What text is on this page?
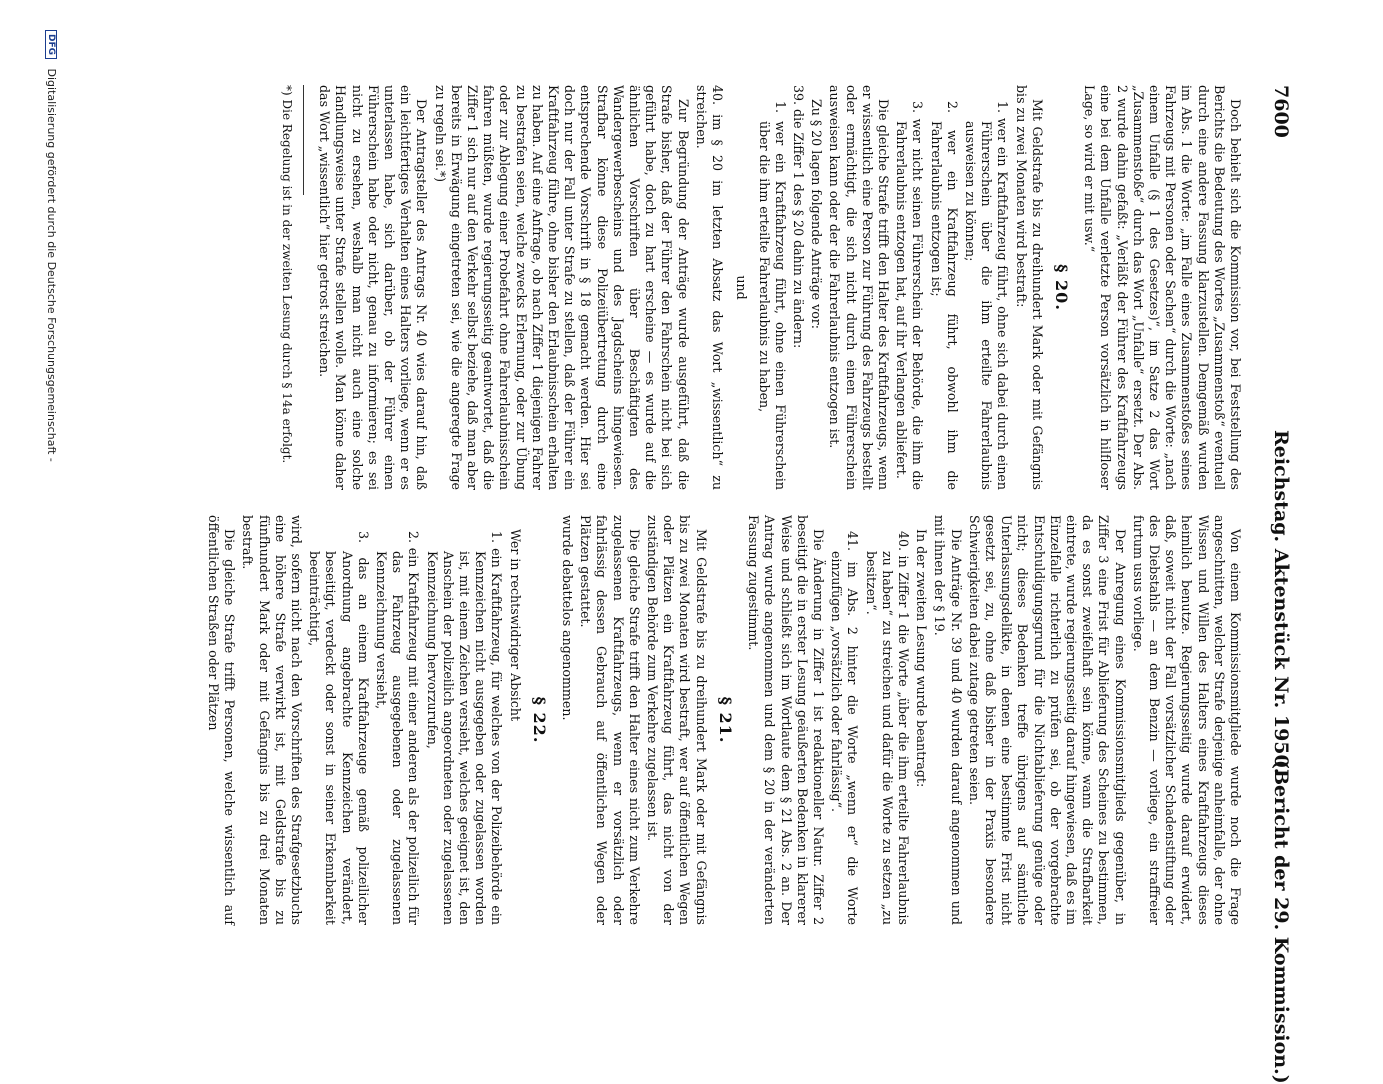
7600
Reichstag. Aktenstück Nr. 1950.
(Bericht der 29. Kommission.)

Doch behielt sich die Kommission vor, bei Feststellung des Berichts die Bedeutung des Wortes „Zusammenstoß“ eventuell durch eine andere Fassung klarzustellen. Demgemäß wurden im Abs. 1 die Worte: „im Falle eines Zusammenstoßes seines Fahrzeugs mit Personen oder Sachen“ durch die Worte: „nach einem Unfalle (§ 1 des Gesetzes)“, im Satze 2 das Wort „Zusammenstoße“ durch das Wort „Unfalle“ ersetzt. Der Abs. 2 wurde dahin gefaßt: „Verläßt der Führer des Kraftfahrzeugs eine bei dem Unfalle verletzte Person vorsätzlich in hilfloser Lage, so wird er mit usw.“

§ 20.

Mit Geldstrafe bis zu dreihundert Mark oder mit Gefängnis bis zu zwei Monaten wird bestraft:

1. wer ein Kraftfahrzeug führt, ohne sich dabei durch einen Führerschein über die ihm erteilte Fahrerlaubnis ausweisen zu können;
2. wer ein Kraftfahrzeug führt, obwohl ihm die Fahrerlaubnis entzogen ist;
3. wer nicht seinen Führerschein der Behörde, die ihm die Fahrerlaubnis entzogen hat, auf ihr Verlangen abliefert.

Die gleiche Strafe trifft den Halter des Kraftfahrzeugs, wenn er wissentlich eine Person zur Führung des Fahrzeugs bestellt oder ermächtigt, die sich nicht durch einen Führerschein ausweisen kann oder der die Fahrerlaubnis entzogen ist.

Zu § 20 lagen folgende Anträge vor:

39. die Ziffer 1 des § 20 dahin zu ändern:

1. wer ein Kraftfahrzeug führt, ohne einen Führerschein über die ihm erteilte Fahrerlaubnis zu haben,
und

40. im § 20 im letzten Absatz das Wort „wissentlich“ zu streichen.

Zur Begründung der Anträge wurde ausgeführt, daß die Strafe bisher, daß der Führer den Fahrschein nicht bei sich geführt habe, doch zu hart erscheine — es wurde auf die ähnlichen Vorschriften über Beschäftigten des Wandergewerbescheins und des Jagdscheins hingewiesen. Strafbar könne diese Polizeiübertretung durch eine entsprechende Vorschrift in § 18 gemacht werden. Hier sei doch nur der Fall unter Strafe zu stellen, daß der Führer ein Kraftfahrzeug führe, ohne bisher den Erlaubnisschein erhalten zu haben. Auf eine Anfrage, ob nach Ziffer 1 diejenigen Fahrer zu bestrafen seien, welche zwecks Erlernung, oder zur Übung oder zur Ablegung einer Probefahrt ohne Fahrerlaubnisschein fahren müßten, wurde regierungsseitig geantwortet, daß die Ziffer 1 sich nur auf den Verkehr selbst beziehe, daß man aber bereits in Erwägung eingetreten sei, wie die angeregte Frage zu regeln sei.*)

Der Antragsteller des Antrags Nr. 40 wies darauf hin, daß ein leichtfertiges Verhalten eines Halters vorliege, wenn er es unterlassen habe, sich darüber, ob der Führer einen Führerschein habe oder nicht, genau zu informieren; es sei nicht zu ersehen, weshalb man nicht auch eine solche Handlungsweise unter Strafe stellen wolle. Man könne daher das Wort „wissentlich“ hier getrost streichen.

*) Die Regelung ist in der zweiten Lesung durch § 14a erfolgt.

Von einem Kommissionsmitgliede wurde noch die Frage angeschnitten, welcher Strafe derjenige anheimfalle, der ohne Wissen und Willen des Halters eines Kraftfahrzeugs dieses heimlich benutze. Regierungsseitig wurde darauf erwidert, daß, soweit nicht der Fall vorsätzlicher Schadenstiftung oder des Diebstahls — an dem Benzin — vorliege, ein straffreier furtum usus vorliege.

Der Anregung eines Kommissionsmitglieds gegenüber, in Ziffer 3 eine Frist für Ablieferung des Scheines zu bestimmen, da es sonst zweifelhaft sein könne, wann die Strafbarkeit eintrete, wurde regierungsseitig darauf hingewiesen, daß es im Einzelfalle richterlich zu prüfen sei, ob der vorgebrachte Entschuldigungsgrund für die Nichtablieferung genüge oder nicht; dieses Bedenken treffe übrigens auf sämtliche Unterlassungsdelikte, in denen eine bestimmte Frist nicht gesetzt sei, zu, ohne daß bisher in der Praxis besondere Schwierigkeiten dabei zutage getreten seien.

Die Anträge Nr. 39 und 40 wurden darauf angenommen und mit ihnen der § 19.

In der zweiten Lesung wurde beantragt:

40. in Ziffer 1 die Worte „über die ihm erteilte Fahrerlaubnis zu haben“ zu streichen und dafür die Worte zu setzen „zu besitzen“.
41. im Abs. 2 hinter die Worte „wenn er“ die Worte einzufügen „vorsätzlich oder fahrlässig“.

Die Änderung in Ziffer 1 ist redaktioneller Natur. Ziffer 2 beseitigt die in erster Lesung geäußerten Bedenken in klarerer Weise und schließt sich im Wortlaute dem § 21 Abs. 2 an. Der Antrag wurde angenommen und dem § 20 in der veränderten Fassung zugestimmt.

§ 21.

Mit Geldstrafe bis zu dreihundert Mark oder mit Gefängnis bis zu zwei Monaten wird bestraft, wer auf öffentlichen Wegen oder Plätzen ein Kraftfahrzeug führt, das nicht von der zuständigen Behörde zum Verkehre zugelassen ist.

Die gleiche Strafe trifft den Halter eines nicht zum Verkehre zugelassenen Kraftfahrzeugs, wenn er vorsätzlich oder fahrlässig dessen Gebrauch auf öffentlichen Wegen oder Plätzen gestattet.

wurde debattelos angenommen.

§ 22.

Wer in rechtswidriger Absicht

1. ein Kraftfahrzeug, für welches von der Polizeibehörde ein Kennzeichen nicht ausgegeben oder zugelassen worden ist, mit einem Zeichen versieht, welches geeignet ist, den Anschein der polizeilich angeordneten oder zugelassenen Kennzeichnung hervorzurufen,
2. ein Kraftfahrzeug mit einer anderen als der polizeilich für das Fahrzeug ausgegebenen oder zugelassenen Kennzeichnung versieht,
3. das an einem Kraftfahrzeuge gemäß polizeilicher Anordnung angebrachte Kennzeichen verändert, beseitigt, verdeckt oder sonst in seiner Erkennbarkeit beeinträchtigt,

wird, sofern nicht nach den Vorschriften des Strafgesetzbuchs eine höhere Strafe verwirkt ist, mit Geldstrafe bis zu fünfhundert Mark oder mit Gefängnis bis zu drei Monaten bestraft.

Die gleiche Strafe trifft Personen, welche wissentlich auf öffentlichen Straßen oder Plätzen

DFG Digitalisierung gefördert durch die Deutsche Forschungsgemeinschaft -
